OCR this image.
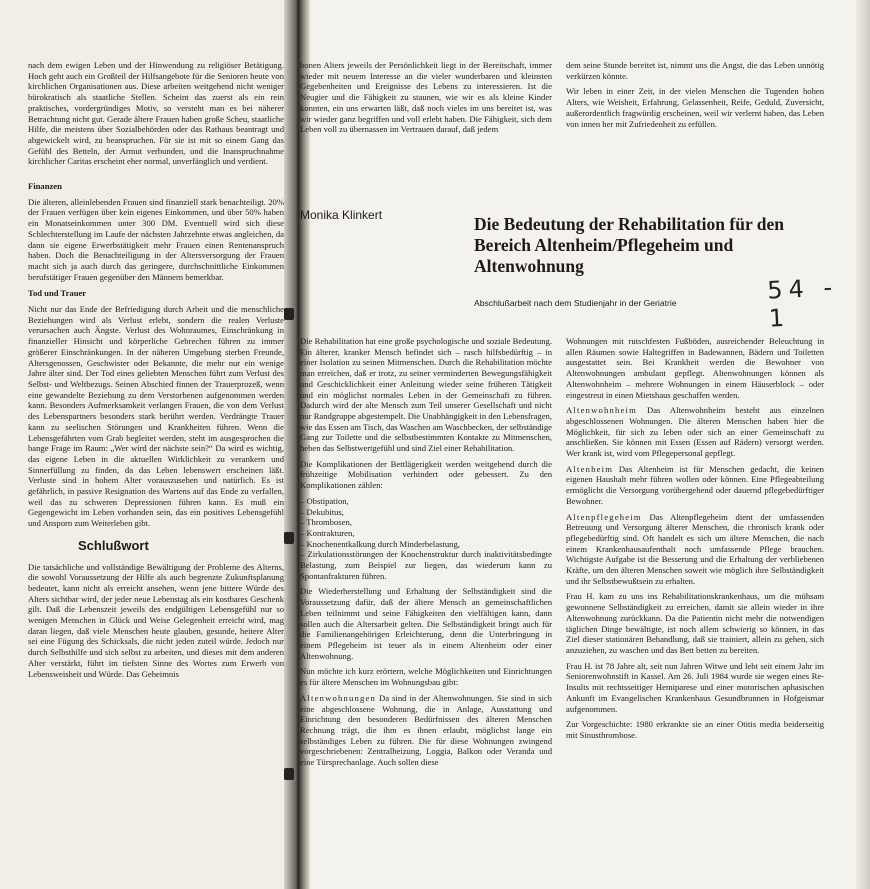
nach dem ewigen Leben und der Hinwendung zu religiöser Betätigung. Hoch geht auch ein Großteil der Hilfsangebote für die Senioren heute von kirchlichen Organisationen aus. Diese arbeiten weitgehend nicht weniger bürokratisch als staatliche Stellen. Scheint das zuerst als ein rein praktisches, vordergründiges Motiv, so versteht man es bei näherer Betrachtung nicht gut. Gerade ältere Frauen haben große Scheu, staatliche Hilfe, die meistens über Sozialbehörden oder das Rathaus beantragt und abgewickelt wird, zu beanspruchen. Für sie ist mit so einem Gang das Gefühl des Betteln, der Armut verbunden, und die Inanspruchnahme kirchlicher Caritas erscheint eher normal, unverfänglich und verdient.

Finanzen

Die älteren, alleinlebenden Frauen sind finanziell stark benachteiligt. 20% der Frauen verfügen über kein eigenes Einkommen, und über 50% haben ein Monatseinkommen unter 300 DM. Eventuell wird sich diese Schlechterstellung im Laufe der nächsten Jahrzehnte etwas angleichen, da dann sie eigene Erwerbstätigkeit mehr Frauen einen Rentenanspruch haben. Doch die Benachteiligung in der Altersversorgung der Frauen macht sich ja auch durch das geringere, durchschnittliche Einkommen berufstätiger Frauen gegenüber den Männern bemerkbar.

Tod und Trauer

Nicht nur das Ende der Befriedigung durch Arbeit und die menschliche Beziehungen wird als Verlust erlebt, sondern die realen Verluste verursachen auch Ängste. Verlust des Wohnraumes, Einschränkung in finanzieller Hinsicht und körperliche Gebrechen führen zu immer größerer Einschränkungen. In der näheren Umgebung sterben Freunde, Altersgenossen, Geschwister oder Bekannte, die mehr nur ein wenige Jahre älter sind. Der Tod eines geliebten Menschen führt zum Verlust des Selbst- und Weltbezugs. Seinen Abschied finnen der Trauerprozeß, wenn eine gewandelte Beziehung zu dem Verstorbenen aufgenommen werden kann. Besonders Aufmerksamkeit verlangen Frauen, die von dem Verlust des Lebenspartners besonders stark berührt werden. Verdrängte Trauer kann zu seelischen Störungen und Krankheiten führen. Wenn die Lebensgefährten vom Grab begleitet werden, steht im ausgesprochen die bange Frage im Raum: „Wer wird der nächste sein?“ Da wird es wichtig, das eigene Leben in die aktuellen Wirklichkeit zu verankern und Sinnerfüllung zu finden, da das Leben lebenswert erscheinen läßt. Verluste sind in hohem Alter vorauszusehen und natürlich. Es ist gefährlich, in passive Resignation des Wartens auf das Ende zu verfallen, weil das zu schweren Depressionen führen kann. Es muß ein Gegengewicht im Leben vorhanden sein, das ein positives Lebensgefühl und Ansporn zum Weiterleben gibt.

Schlußwort

Die tatsächliche und vollständige Bewältigung der Probleme des Alterns, die sowohl Voraussetzung der Hilfe als auch begrenzte Zukunftsplanung bedeutet, kann nicht als erreicht ansehen, wenn jene bittere Würde des Alters sichtbar wird, der jeder neue Lebenstag als ein kostbares Geschenk gilt. Daß die Lebenszeit jeweils des endgültigen Lebensgefühl nur so wenigen Menschen in Glück und Weise Gelegenheit erreicht wird, mag daran liegen, daß viele Menschen heute glauben, gesunde, heitere Alter sei eine Fügung des Schicksals, die nicht jeden zuteil würde. Jedoch nur durch Selbsthilfe und sich selbst zu arbeiten, und dieses mit dem anderen Alter verstärkt, führt im tiefsten Sinne des Wortes zum Erwerb von Lebensweisheit und Würde. Das Geheimnis

bonen Alters jeweils der Persönlichkeit liegt in der Bereitschaft, immer wieder mit neuem Interesse an die vieler wunderbaren und kleinsten Gegebenheiten und Ereignisse des Lebens zu interessieren. Ist die Neugier und die Fähigkeit zu staunen, wie wir es als kleine Kinder konnten, ein uns erwarten läßt, daß noch vieles im uns bereitet ist, was wir wieder ganz begriffen und voll erlebt haben. Die Fähigkeit, sich dem Leben voll zu übernassen im Vertrauen darauf, daß jedem

dem seine Stunde bereitet ist, nimmt uns die Angst, die das Leben unnötig verkürzen könnte.

Wir leben in einer Zeit, in der vielen Menschen die Tugenden hohen Alters, wie Weisheit, Erfahrung, Gelassenheit, Reife, Geduld, Zuversicht, außerordentlich fragwürdig erscheinen, weil wir verlernt haben, das Leben von innen her mit Zufriedenheit zu erfüllen.

Monika Klinkert	Die Bedeutung der Rehabilitation für den Bereich Altenheim/Pflegeheim und Altenwohnung
54 - 1
Abschlußarbeit nach dem Studienjahr in der Geriatrie

Die Rehabilitation hat eine große psychologische und soziale Bedeutung. Ein älterer, kranker Mensch befindet sich – rasch hilfsbedürftig – in einer Isolation zu seinen Mitmenschen. Durch die Rehabilitation möchte man erreichen, daß er trotz, zu seiner verminderten Bewegungsfähigkeit und Geschicklichkeit einer Anleitung wieder seine früheren Tätigkeit und ein möglichst normales Leben in der Gemeinschaft zu führen. Dadurch wird der alte Mensch zum Teil unserer Gesellschaft und nicht nur Randgruppe abgestempelt. Die Unabhängigkeit in den Lebensfragen, wie das Essen am Tisch, das Waschen am Waschbecken, der selbständige Gang zur Toilette und die selbstbestimmten Kontakte zu Mitmenschen, heben das Selbstwertgefühl und sind Ziel einer Rehabilitation.

Die Komplikationen der Bettlägerigkeit werden weitgehend durch die frühzeitige Mobilisation verhindert oder gebessert. Zu den Komplikationen zählen:

– Obstipation,
– Dekubitus,
– Thrombosen,
– Kontrakturen,
– Knochenentkalkung durch Minderbelastung,
– Zirkulationsstörungen der Knochenstruktur durch inaktivitätsbedingte Belastung, zum Beispiel zur liegen, das wiederum kann zu Spontanfrakturen führen.

Die Wiederherstellung und Erhaltung der Selbständigkeit sind die Voraussetzung dafür, daß der ältere Mensch an gemeinschaftlichen Leben teilnimmt und seine Fähigkeiten den vielfältigen kann, dann sollen auch die Altersarbeit gelten. Die Selbständigkeit bringt auch für die Familienangehörigen Erleichterung, denn die Unterbringung in einem Pflegeheim ist teuer als in einem Altenheim oder einer Altenwohnung.

Nun möchte ich kurz erörtern, welche Möglichkeiten und Einrichtungen es für ältere Menschen im Wohnungsbau gibt:

Altenwohnungen Da sind in der Altenwohnungen. Sie sind in sich eine abgeschlossene Wohnung, die in Anlage, Ausstattung und Einrichtung den besonderen Bedürfnissen des älteren Menschen Rechnung trägt, die ihm es ihnen erlaubt, möglichst lange ein selbständiges Leben zu führen. Die für diese Wohnungen zwingend vorgeschriebenen: Zentralheizung, Loggia, Balkon oder Veranda und eine Türsprechanlage. Auch sollen diese

Wohnungen mit rutschfesten Fußböden, ausreichender Beleuchtung in allen Räumen sowie Haltegriffen in Badewannen, Bädern und Toiletten ausgestattet sein. Bei Krankheit werden die Bewohner von Altenwohnungen ambulant gepflegt. Altenwohnungen können als Altenwohnheim – mehrere Wohnungen in einem Häuserblock – oder eingestreut in einen Mietshaus geschaffen werden.

Altenwohnheim Das Altenwohnheim besteht aus einzelnen abgeschlossenen Wohnungen. Die älteren Menschen haben hier die Möglichkeit, für sich zu leben oder sich an einer Gemeinschaft zu anschließen. Sie können mit Essen (Essen auf Rädern) versorgt werden. Wer krank ist, wird vom Pflegepersonal gepflegt.

Altenheim Das Altenheim ist für Menschen gedacht, die keinen eigenen Haushalt mehr führen wollen oder können. Eine Pflegeabteilung ermöglicht die Versorgung vorübergehend oder dauernd pflegebedürftiger Bewohner.

Altenpflegeheim Das Altenpflegeheim dient der umfassenden Betreuung und Versorgung älterer Menschen, die chronisch krank oder pflegebedürftig sind. Oft handelt es sich um ältere Menschen, die nach einem Krankenhausaufenthalt noch umfassende Pflege brauchen. Wichtigste Aufgabe ist die Besserung und die Erhaltung der verbliebenen Kräfte, um den älteren Menschen soweit wie möglich ihre Selbständigkeit und ihr Selbstbewußtsein zu erhalten.

Frau H. kam zu uns ins Rehabilitationskrankenhaus, um die mühsam gewonnene Selbständigkeit zu erreichen, damit sie allein wieder in ihre Altenwohnung zurückkann. Da die Patientin nicht mehr die notwendigen täglichen Dinge bewältigte, ist noch allem schwierig so können, in das Ziel dieser stationären Behandlung, daß sie trainiert, allein zu gehen, sich anzuziehen, zu waschen und das Bett betten zu bereiten.

Frau H. ist 78 Jahre alt, seit nun Jahren Witwe und lebt seit einem Jahr im Seniorenwohnstift in Kassel. Am 26. Juli 1984 wurde sie wegen eines Re-Insults mit rechtsseitiger Hemiparese und einer motorischen aphasischen Ankunft im Evangelischen Krankenhaus Gesundbrunnen in Hofgeismar aufgenommen.

Zur Vorgeschichte: 1980 erkrankte sie an einer Otitis media beiderseitig mit Sinusthrombose.
